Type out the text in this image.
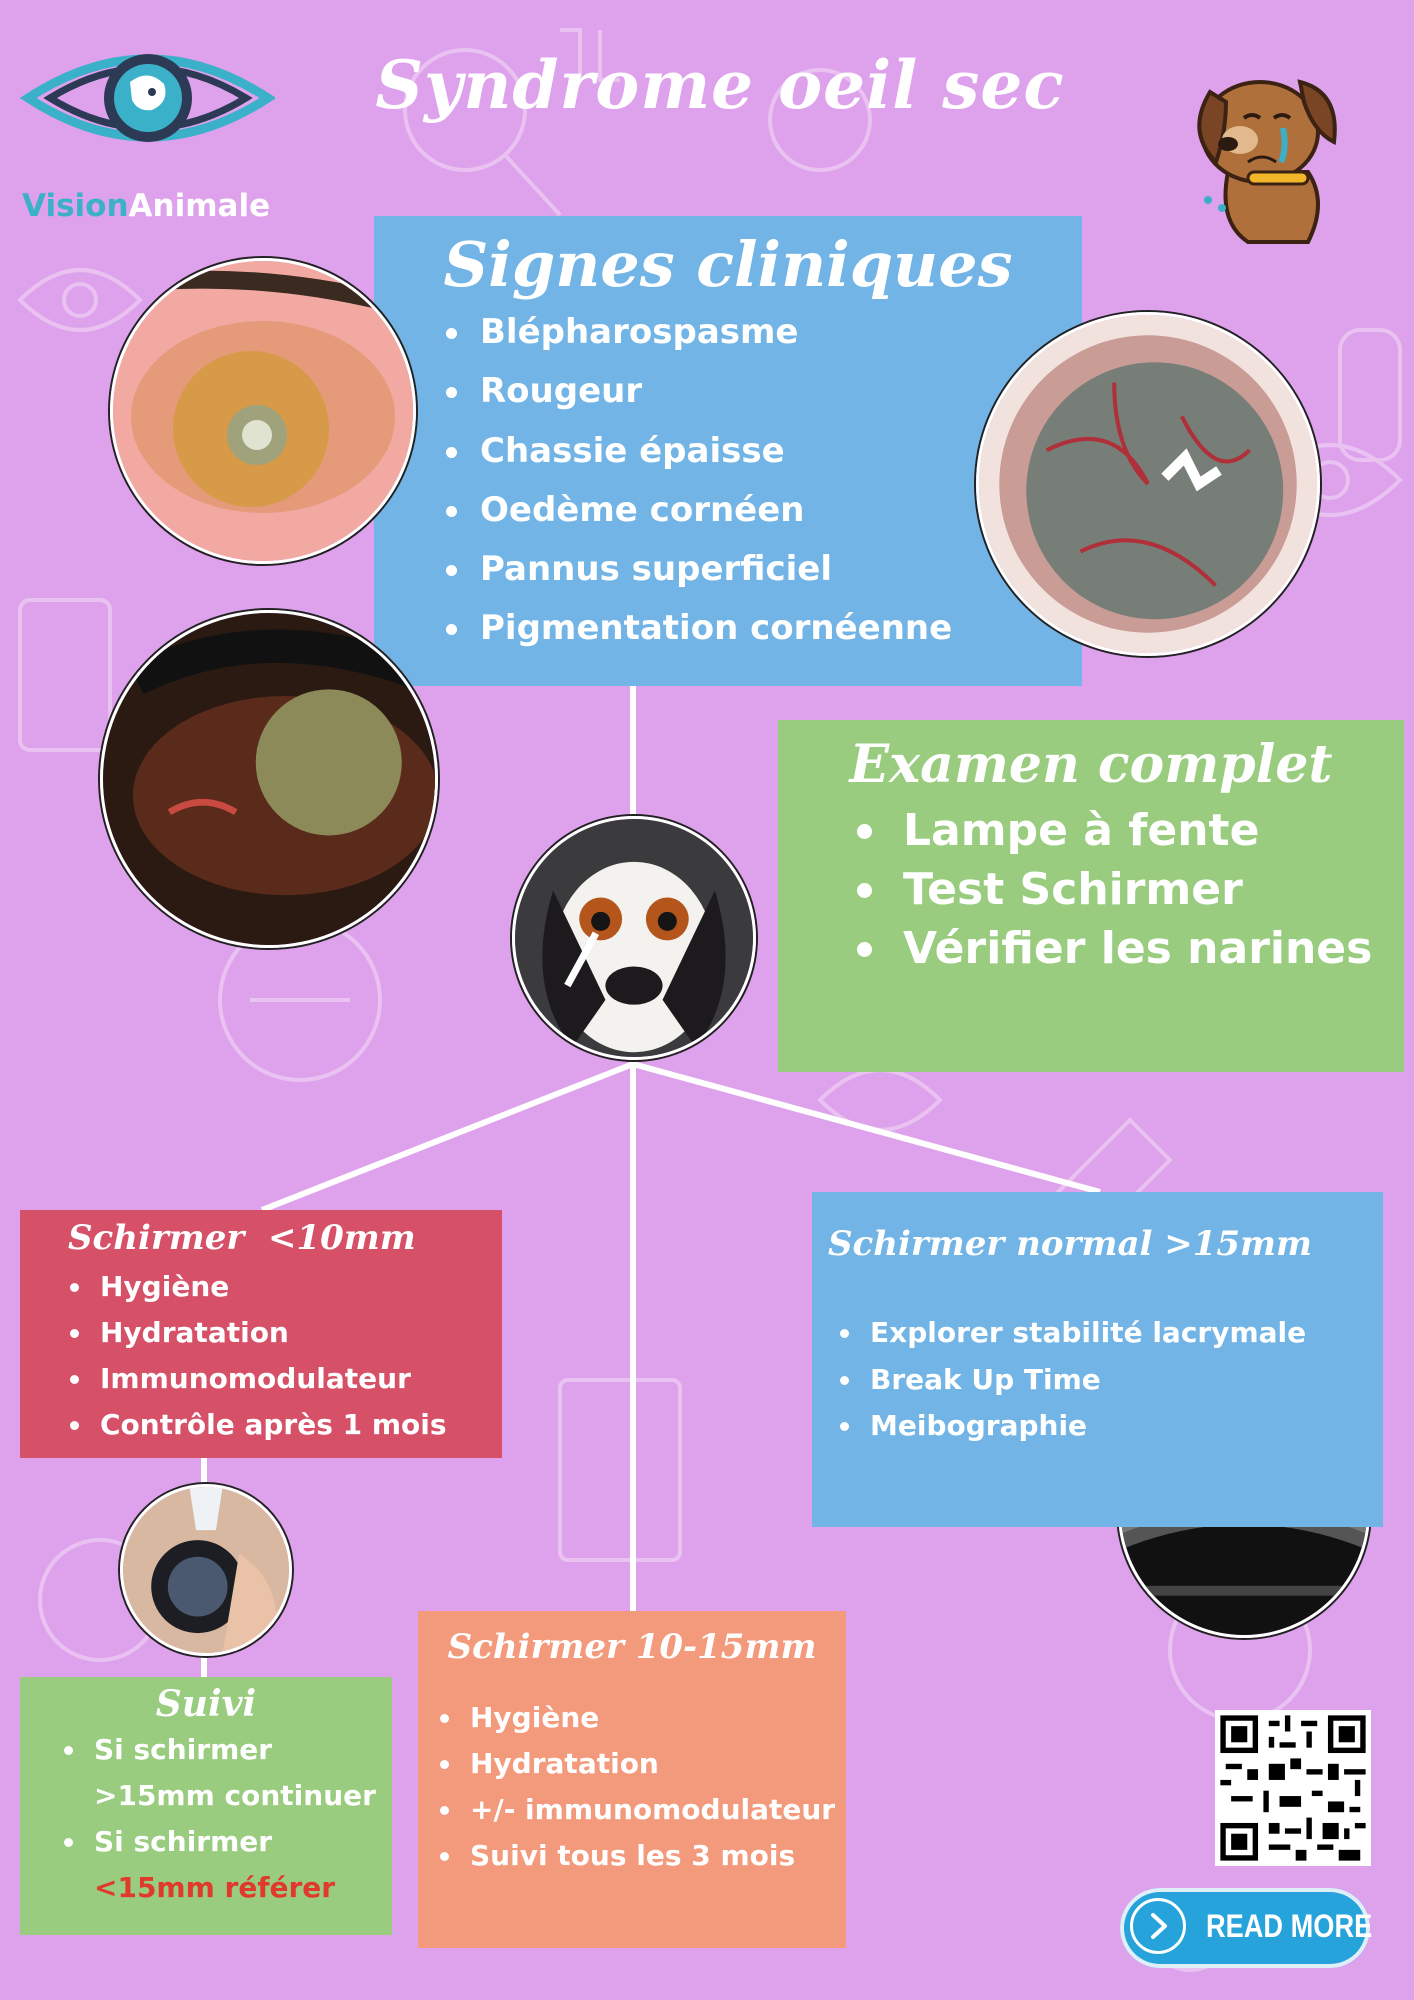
VisionAnimale
Syndrome oeil sec
Signes cliniques
Blépharospasme
Rougeur
Chassie épaisse
Oedème cornéen
Pannus superficiel
Pigmentation cornéenne
Examen complet
Lampe à fente
Test Schirmer
Vérifier les narines
Schirmer  <10mm
Hygiène
Hydratation
Immunomodulateur
Contrôle après 1 mois
Schirmer normal >15mm
Explorer stabilité lacrymale
Break Up Time
Meibographie
Schirmer 10-15mm
Hygiène
Hydratation
+/- immunomodulateur
Suivi tous les 3 mois
Suivi
Si schirmer
>15mm continuer
Si schirmer
<15mm référer
READ MORE
